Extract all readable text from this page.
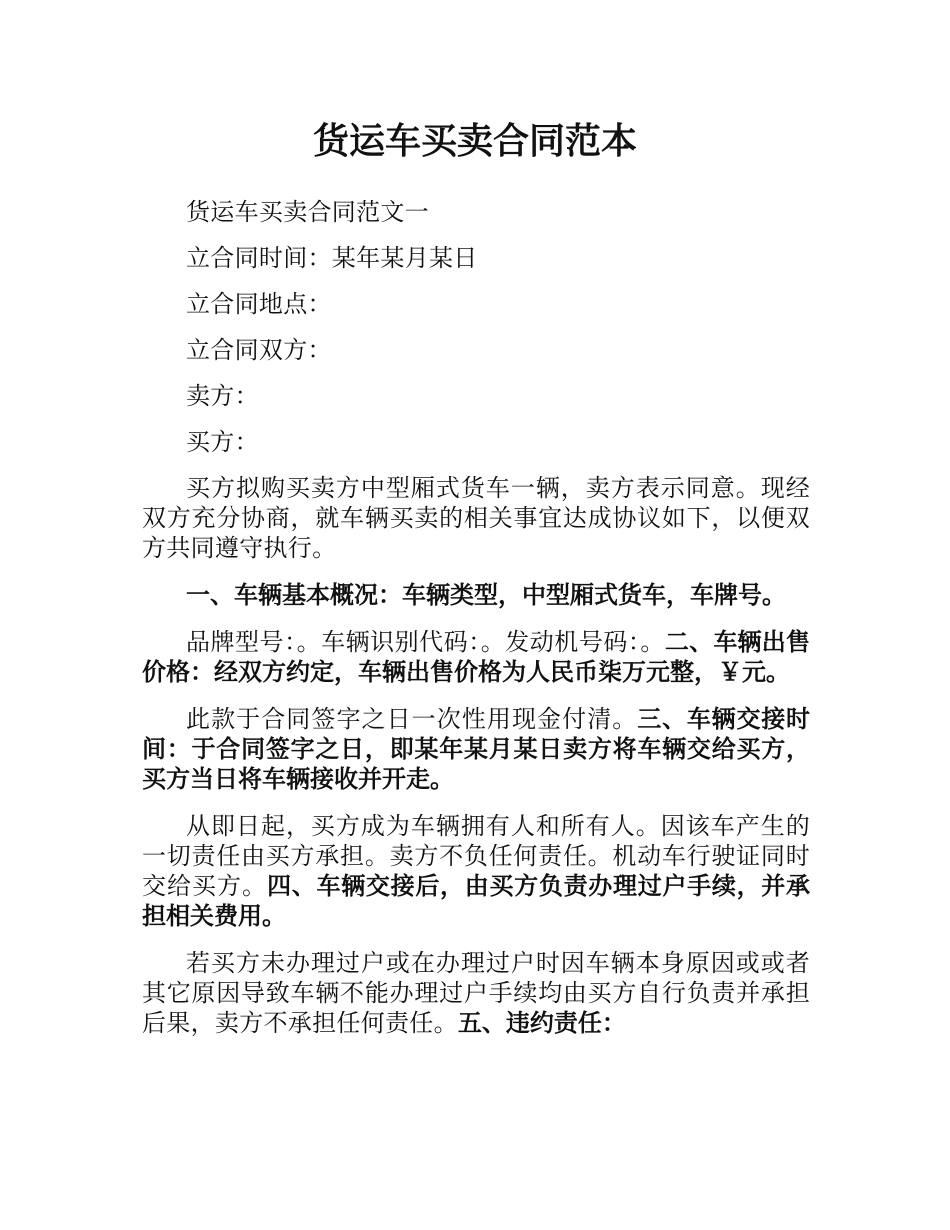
货运车买卖合同范本

货运车买卖合同范文一

立合同时间：某年某月某日

立合同地点：

立合同双方：

卖方：

买方：

买方拟购买卖方中型厢式货车一辆，卖方表示同意。现经双方充分协商，就车辆买卖的相关事宜达成协议如下，以便双方共同遵守执行。

一、车辆基本概况：车辆类型，中型厢式货车，车牌号。

品牌型号：。车辆识别代码：。发动机号码：。二、车辆出售价格：经双方约定，车辆出售价格为人民币柒万元整，￥元。

此款于合同签字之日一次性用现金付清。三、车辆交接时间：于合同签字之日，即某年某月某日卖方将车辆交给买方，买方当日将车辆接收并开走。

从即日起，买方成为车辆拥有人和所有人。因该车产生的一切责任由买方承担。卖方不负任何责任。机动车行驶证同时交给买方。四、车辆交接后，由买方负责办理过户手续，并承担相关费用。

若买方未办理过户或在办理过户时因车辆本身原因或或者其它原因导致车辆不能办理过户手续均由买方自行负责并承担后果，卖方不承担任何责任。五、违约责任：
